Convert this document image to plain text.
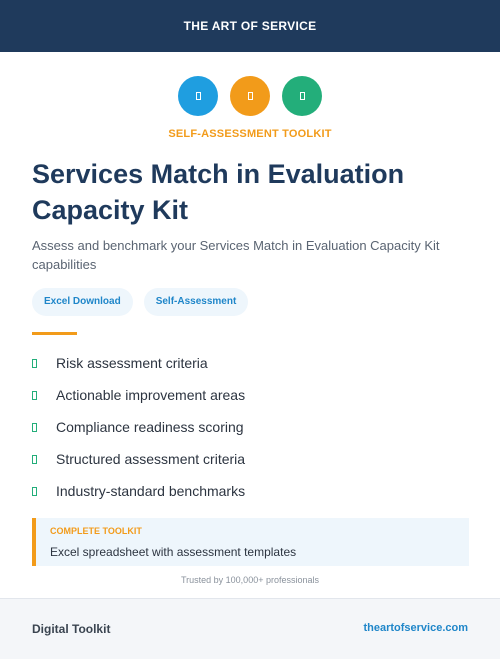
THE ART OF SERVICE
SELF-ASSESSMENT TOOLKIT
Services Match in Evaluation Capacity Kit
Assess and benchmark your Services Match in Evaluation Capacity Kit capabilities
Excel Download	Self-Assessment
Risk assessment criteria
Actionable improvement areas
Compliance readiness scoring
Structured assessment criteria
Industry-standard benchmarks
COMPLETE TOOLKIT
Excel spreadsheet with assessment templates
Trusted by 100,000+ professionals
Digital Toolkit	theartofservice.com
